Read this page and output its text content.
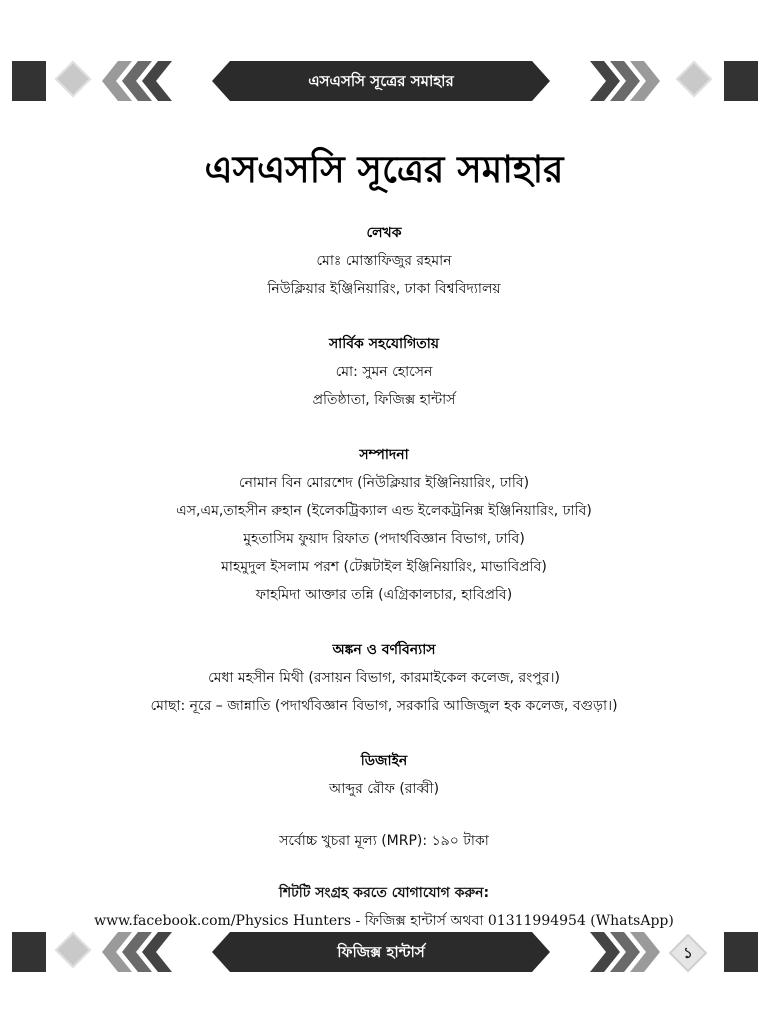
এসএসসি সূত্রের সমাহার
এসএসসি সূত্রের সমাহার
লেখক
মোঃ মোস্তাফিজুর রহমান
নিউক্লিয়ার ইঞ্জিনিয়ারিং, ঢাকা বিশ্ববিদ্যালয়
সার্বিক সহযোগিতায়
মো: সুমন হোসেন
প্রতিষ্ঠাতা, ফিজিক্স হান্টার্স
সম্পাদনা
নোমান বিন মোরশেদ (নিউক্লিয়ার ইঞ্জিনিয়ারিং, ঢাবি)
এস,এম,তাহসীন রুহান (ইলেকট্রিক্যাল এন্ড ইলেকট্রনিক্স ইঞ্জিনিয়ারিং, ঢাবি)
মুহতাসিম ফুয়াদ রিফাত (পদার্থবিজ্ঞান বিভাগ, ঢাবি)
মাহমুদুল ইসলাম পরশ (টেক্সটাইল ইঞ্জিনিয়ারিং, মাভাবিপ্রবি)
ফাহমিদা আক্তার তন্নি (এগ্রিকালচার, হাবিপ্রবি)
অঙ্কন ও বর্ণবিন্যাস
মেধা মহসীন মিথী (রসায়ন বিভাগ, কারমাইকেল কলেজ, রংপুর।)
মোছা: নূরে – জান্নাতি (পদার্থবিজ্ঞান বিভাগ, সরকারি আজিজুল হক কলেজ, বগুড়া।)
ডিজাইন
আব্দুর রৌফ (রাব্বী)
সর্বোচ্চ খুচরা মূল্য (MRP): ১৯০ টাকা
শিটটি সংগ্রহ করতে যোগাযোগ করুন:
www.facebook.com/Physics Hunters - ফিজিক্স হান্টার্স অথবা 01311994954 (WhatsApp)
ফিজিক্স হান্টার্স	১
